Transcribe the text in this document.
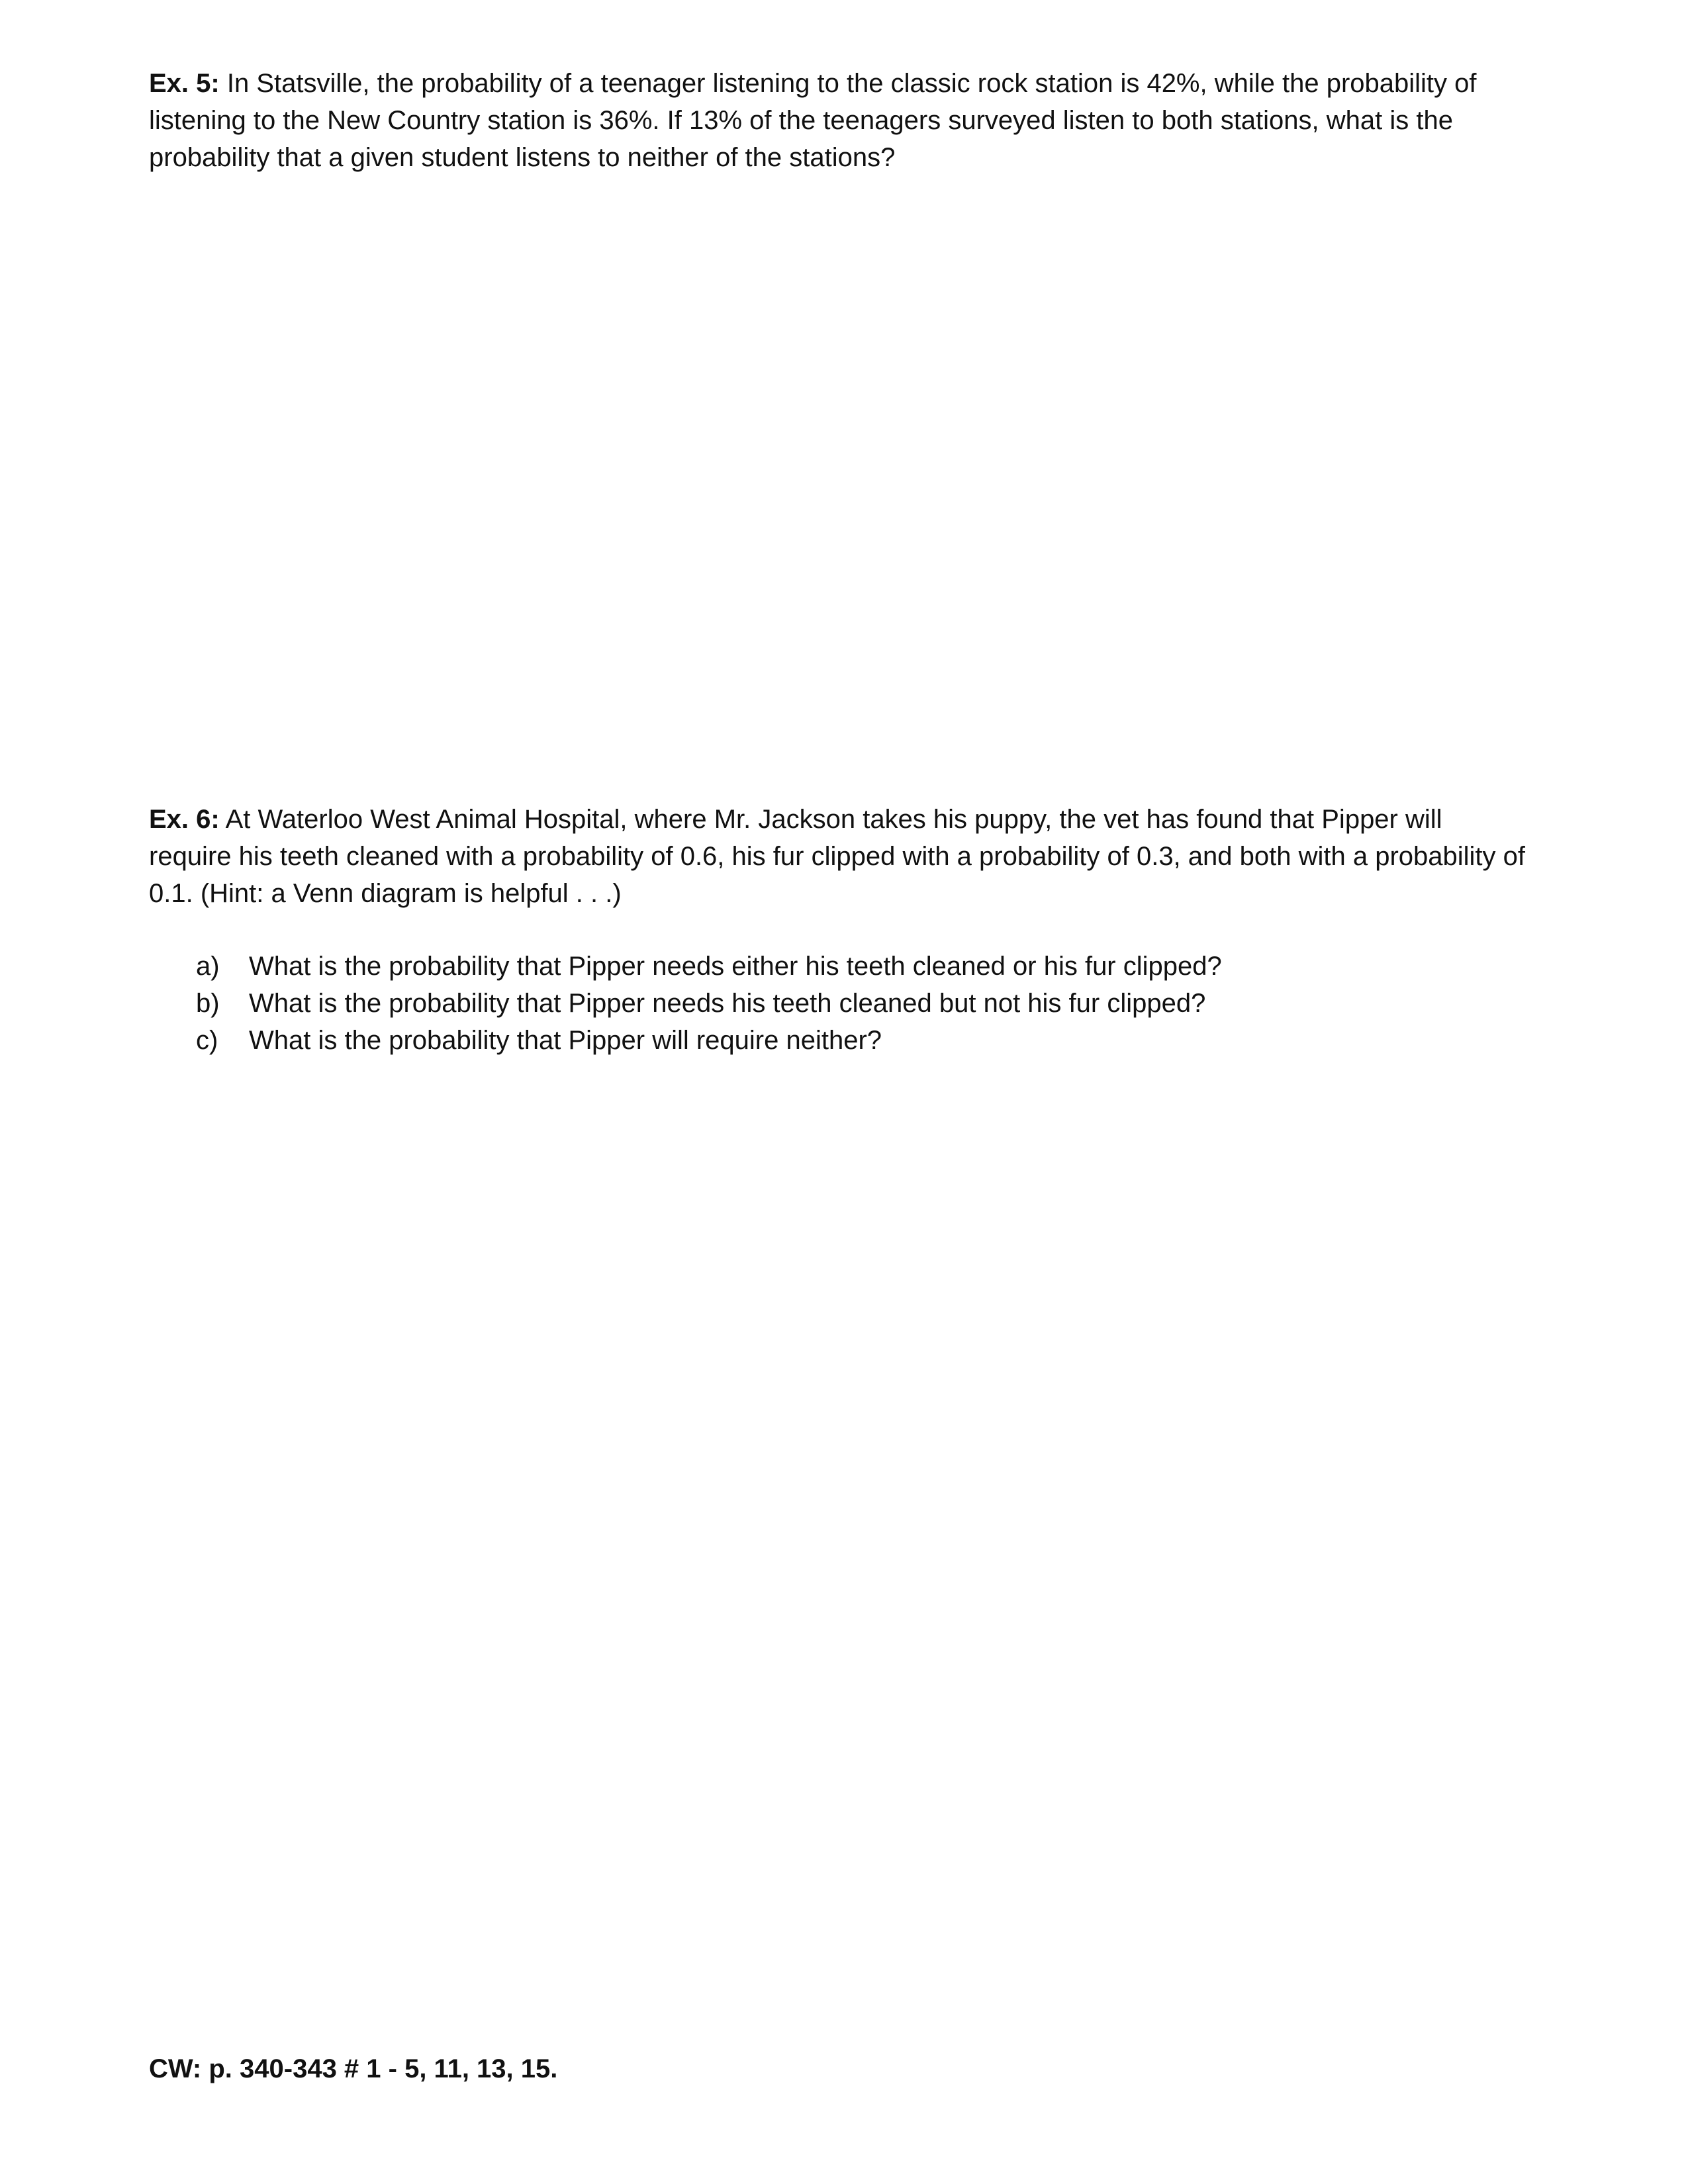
Ex. 5: In Statsville, the probability of a teenager listening to the classic rock station is 42%, while the probability of listening to the New Country station is 36%. If 13% of the teenagers surveyed listen to both stations, what is the probability that a given student listens to neither of the stations?

Ex. 6: At Waterloo West Animal Hospital, where Mr. Jackson takes his puppy, the vet has found that Pipper will require his teeth cleaned with a probability of 0.6, his fur clipped with a probability of 0.3, and both with a probability of 0.1. (Hint: a Venn diagram is helpful . . .)

a)	What is the probability that Pipper needs either his teeth cleaned or his fur clipped?
b)	What is the probability that Pipper needs his teeth cleaned but not his fur clipped?
c)	What is the probability that Pipper will require neither?

CW: p. 340-343 # 1 - 5, 11, 13, 15.
